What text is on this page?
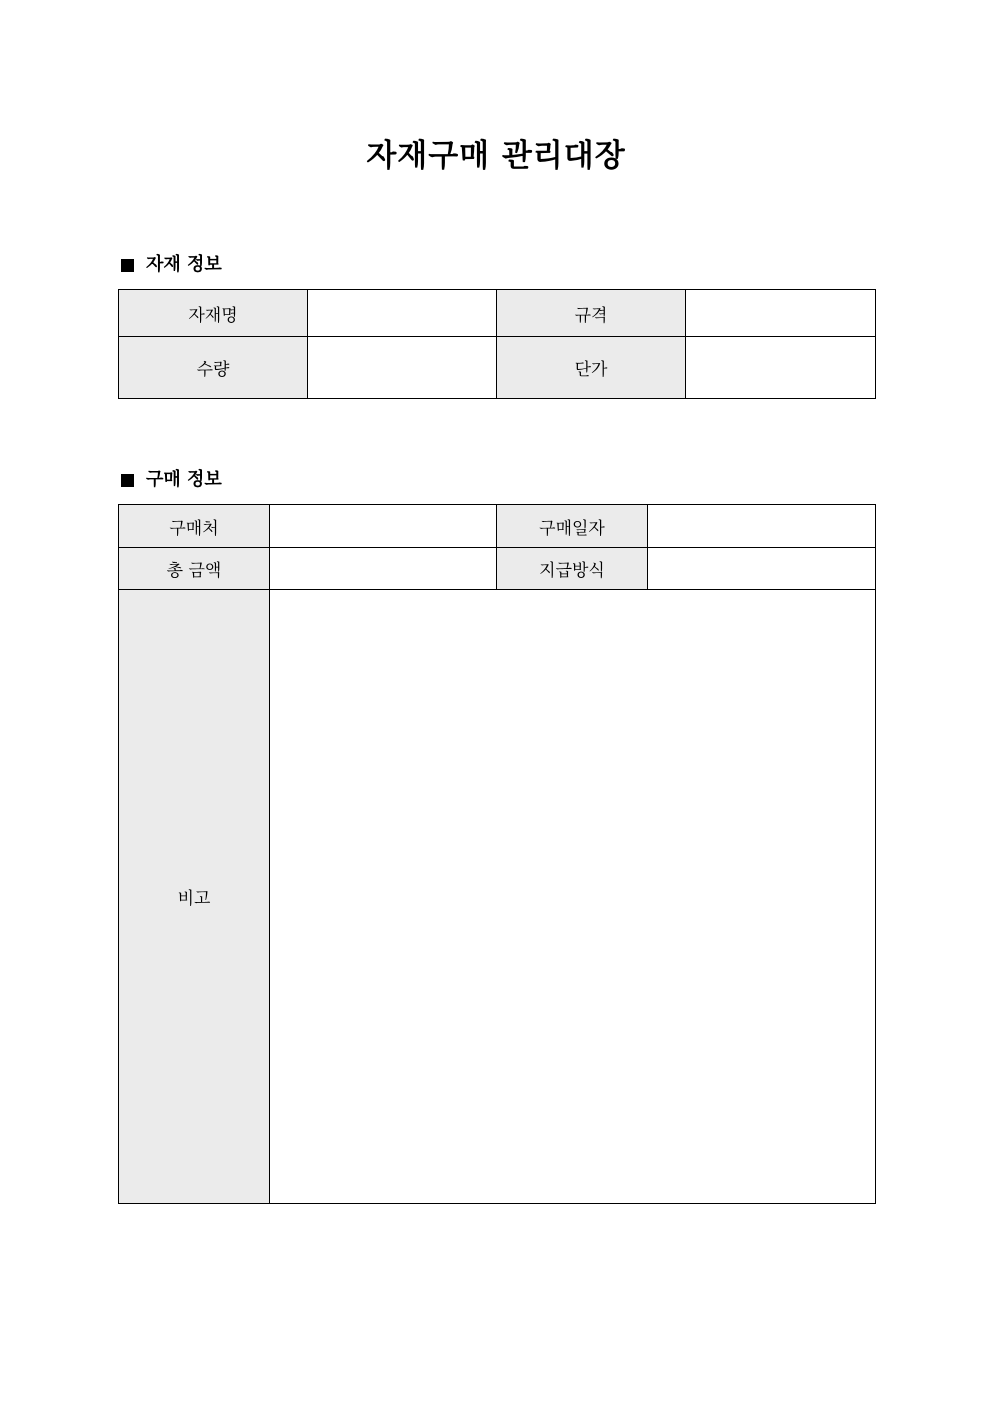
자재구매 관리대장
자재 정보
자재명		규격	
수량		단가	
구매 정보
구매처		구매일자	
총 금액		지급방식	
비고			
